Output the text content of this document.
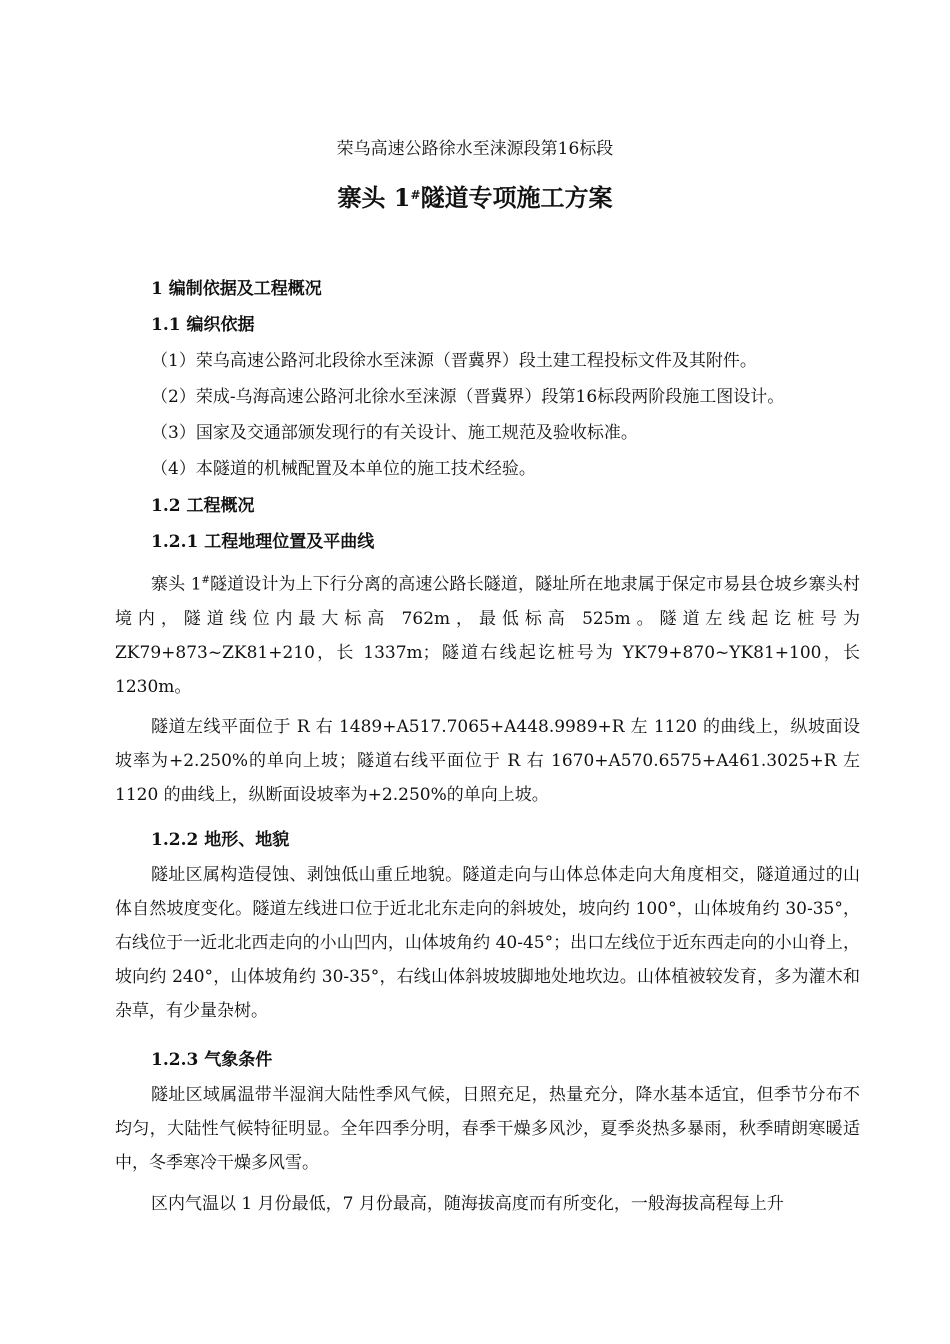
荣乌高速公路徐水至涞源段第16标段
寨头 1#隧道专项施工方案
1 编制依据及工程概况
1.1 编织依据
（1）荣乌高速公路河北段徐水至涞源（晋冀界）段土建工程投标文件及其附件。
（2）荣成-乌海高速公路河北徐水至涞源（晋冀界）段第16标段两阶段施工图设计。
（3）国家及交通部颁发现行的有关设计、施工规范及验收标准。
（4）本隧道的机械配置及本单位的施工技术经验。
1.2 工程概况
1.2.1 工程地理位置及平曲线

寨头 1#隧道设计为上下行分离的高速公路长隧道，隧址所在地隶属于保定市易县仓坡乡寨头村境内，隧道线位内最大标高 762m，最低标高 525m。隧道左线起讫桩号为 ZK79+873~ZK81+210，长 1337m；隧道右线起讫桩号为 YK79+870~YK81+100，长 1230m。

隧道左线平面位于 R 右 1489+A517.7065+A448.9989+R 左 1120 的曲线上，纵坡面设坡率为+2.250%的单向上坡；隧道右线平面位于 R 右 1670+A570.6575+A461.3025+R 左 1120 的曲线上，纵断面设坡率为+2.250%的单向上坡。

1.2.2 地形、地貌

隧址区属构造侵蚀、剥蚀低山重丘地貌。隧道走向与山体总体走向大角度相交，隧道通过的山体自然坡度变化。隧道左线进口位于近北北东走向的斜坡处，坡向约 100°，山体坡角约 30-35°，右线位于一近北北西走向的小山凹内，山体坡角约 40-45°；出口左线位于近东西走向的小山脊上，坡向约 240°，山体坡角约 30-35°，右线山体斜坡坡脚地处地坎边。山体植被较发育，多为灌木和杂草，有少量杂树。

1.2.3 气象条件

隧址区域属温带半湿润大陆性季风气候，日照充足，热量充分，降水基本适宜，但季节分布不均匀，大陆性气候特征明显。全年四季分明，春季干燥多风沙，夏季炎热多暴雨，秋季晴朗寒暖适中，冬季寒冷干燥多风雪。

区内气温以 1 月份最低，7 月份最高，随海拔高度而有所变化，一般海拔高程每上升
